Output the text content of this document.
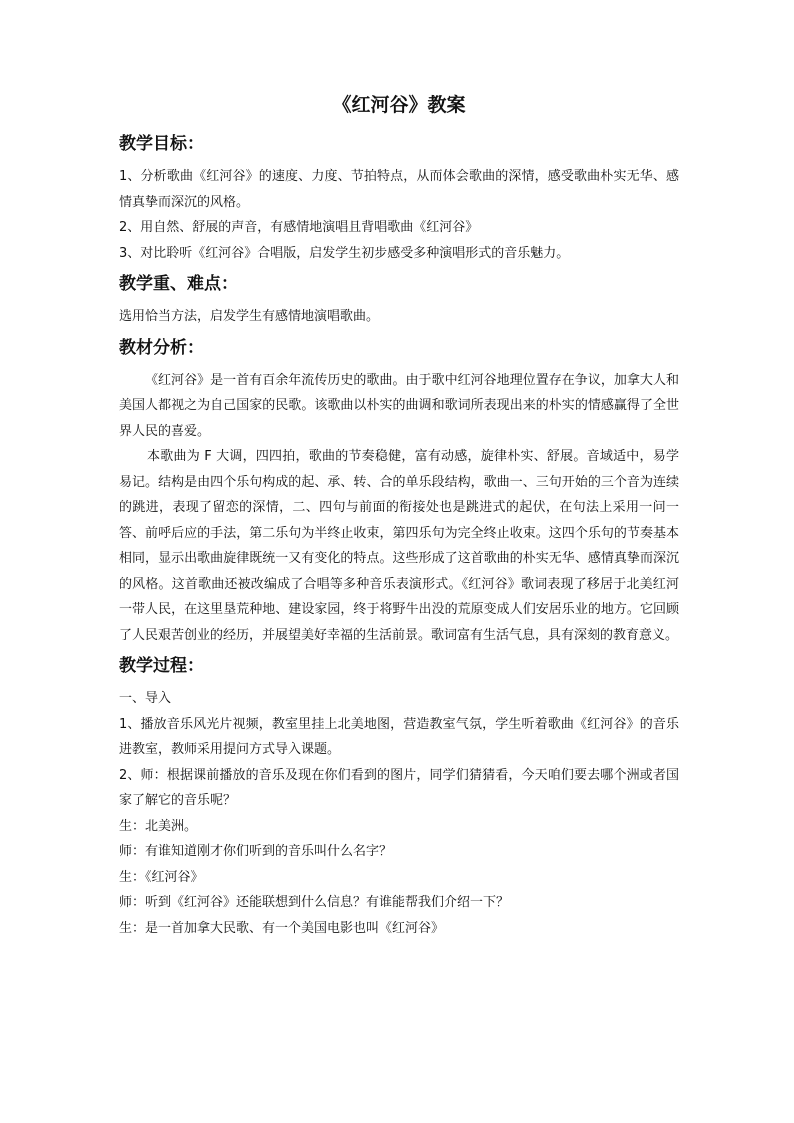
《红河谷》教案
教学目标：

1、分析歌曲《红河谷》的速度、力度、节拍特点，从而体会歌曲的深情，感受歌曲朴实无华、感情真挚而深沉的风格。

2、用自然、舒展的声音，有感情地演唱且背唱歌曲《红河谷》

3、对比聆听《红河谷》合唱版，启发学生初步感受多种演唱形式的音乐魅力。

教学重、难点：

选用恰当方法，启发学生有感情地演唱歌曲。

教材分析：

《红河谷》是一首有百余年流传历史的歌曲。由于歌中红河谷地理位置存在争议，加拿大人和美国人都视之为自己国家的民歌。该歌曲以朴实的曲调和歌词所表现出来的朴实的情感赢得了全世界人民的喜爱。

本歌曲为 F 大调，四四拍，歌曲的节奏稳健，富有动感，旋律朴实、舒展。音域适中，易学易记。结构是由四个乐句构成的起、承、转、合的单乐段结构，歌曲一、三句开始的三个音为连续的跳进，表现了留恋的深情，二、四句与前面的衔接处也是跳进式的起伏，在句法上采用一问一答、前呼后应的手法，第二乐句为半终止收束，第四乐句为完全终止收束。这四个乐句的节奏基本相同，显示出歌曲旋律既统一又有变化的特点。这些形成了这首歌曲的朴实无华、感情真挚而深沉的风格。这首歌曲还被改编成了合唱等多种音乐表演形式。《红河谷》歌词表现了移居于北美红河一带人民，在这里垦荒种地、建设家园，终于将野牛出没的荒原变成人们安居乐业的地方。它回顾了人民艰苦创业的经历，并展望美好幸福的生活前景。歌词富有生活气息，具有深刻的教育意义。

教学过程：

一、导入

1、播放音乐风光片视频，教室里挂上北美地图，营造教室气氛，学生听着歌曲《红河谷》的音乐进教室，教师采用提问方式导入课题。

2、师：根据课前播放的音乐及现在你们看到的图片，同学们猜猜看，今天咱们要去哪个洲或者国家了解它的音乐呢？

生：北美洲。

师：有谁知道刚才你们听到的音乐叫什么名字？

生：《红河谷》

师：听到《红河谷》还能联想到什么信息？有谁能帮我们介绍一下？

生：是一首加拿大民歌、有一个美国电影也叫《红河谷》
